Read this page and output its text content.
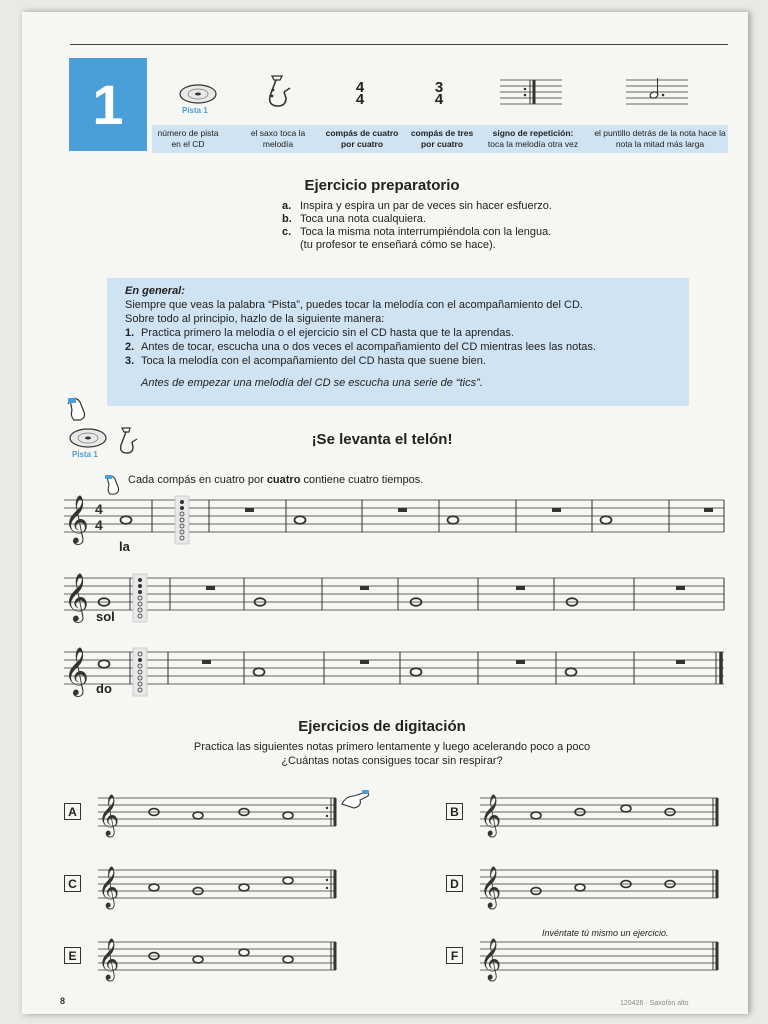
1	Pista 1
4
4
3
4
número de pista en el CD
el saxo toca la melodía
compás de cuatro por cuatro
compás de tres por cuatro
signo de repetición:
toca la melodía otra vez
el puntillo detrás de la nota hace la nota la mitad más larga
Ejercicio preparatorio
a. Inspira y espira un par de veces sin hacer esfuerzo.
b. Toca una nota cualquiera.
c. Toca la misma nota interrumpiéndola con la lengua.
(tu profesor te enseñará cómo se hace).
En general:
Siempre que veas la palabra “Pista”, puedes tocar la melodía con el acompañamiento del CD.
Sobre todo al principio, hazlo de la siguiente manera:
1. Practica primero la melodía o el ejercicio sin el CD hasta que te la aprendas.
2. Antes de tocar, escucha una o dos veces el acompañamiento del CD mientras lees las notas.
3. Toca la melodía con el acompañamiento del CD hasta que suene bien.
Antes de empezar una melodía del CD se escucha una serie de “tics”.
Pista 1
¡Se levanta el telón!
Cada compás en cuatro por cuatro contiene cuatro tiempos.
𝄞 4
4
la
𝄞 sol
𝄞 do
Ejercicios de digitación
Practica las siguientes notas primero lentamente y luego acelerando poco a poco
¿Cuántas notas consigues tocar sin respirar?
A 𝄞	B 𝄞
C 𝄞	D 𝄞
E 𝄞
Invéntate tú mismo un ejercicio.
F 𝄞
8	120426 · Saxofón alto
